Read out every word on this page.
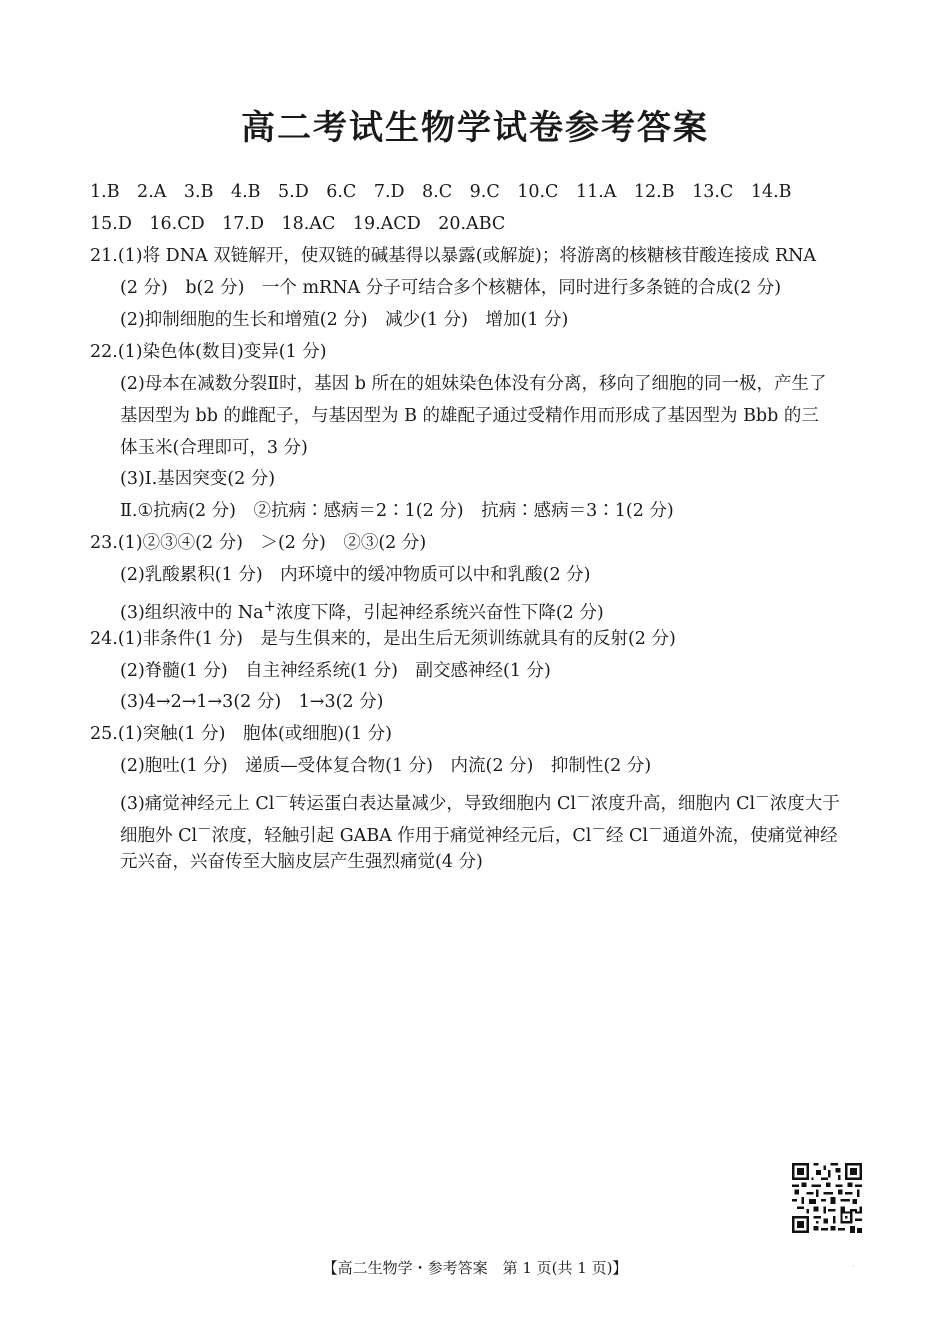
高二考试生物学试卷参考答案
1.B　2.A　3.B　4.B　5.D　6.C　7.D　8.C　9.C　10.C　11.A　12.B　13.C　14.B
15.D　16.CD　17.D　18.AC　19.ACD　20.ABC
21.(1)将 DNA 双链解开，使双链的碱基得以暴露(或解旋)；将游离的核糖核苷酸连接成 RNA
(2 分)　b(2 分)　一个 mRNA 分子可结合多个核糖体，同时进行多条链的合成(2 分)
(2)抑制细胞的生长和增殖(2 分)　减少(1 分)　增加(1 分)
22.(1)染色体(数目)变异(1 分)
(2)母本在减数分裂Ⅱ时，基因 b 所在的姐妹染色体没有分离，移向了细胞的同一极，产生了
基因型为 bb 的雌配子，与基因型为 B 的雄配子通过受精作用而形成了基因型为 Bbb 的三
体玉米(合理即可，3 分)
(3)Ⅰ.基因突变(2 分)
Ⅱ.①抗病(2 分)　②抗病∶感病＝2∶1(2 分)　抗病∶感病＝3∶1(2 分)
23.(1)②③④(2 分)　＞(2 分)　②③(2 分)
(2)乳酸累积(1 分)　内环境中的缓冲物质可以中和乳酸(2 分)
(3)组织液中的 Na+浓度下降，引起神经系统兴奋性下降(2 分)
24.(1)非条件(1 分)　是与生俱来的，是出生后无须训练就具有的反射(2 分)
(2)脊髓(1 分)　自主神经系统(1 分)　副交感神经(1 分)
(3)4→2→1→3(2 分)　1→3(2 分)
25.(1)突触(1 分)　胞体(或细胞)(1 分)
(2)胞吐(1 分)　递质—受体复合物(1 分)　内流(2 分)　抑制性(2 分)
(3)痛觉神经元上 Cl－转运蛋白表达量减少，导致细胞内 Cl－浓度升高，细胞内 Cl－浓度大于
细胞外 Cl－浓度，轻触引起 GABA 作用于痛觉神经元后，Cl－经 Cl－通道外流，使痛觉神经
元兴奋，兴奋传至大脑皮层产生强烈痛觉(4 分)
【高二生物学・参考答案　第 1 页(共 1 页)】	·
